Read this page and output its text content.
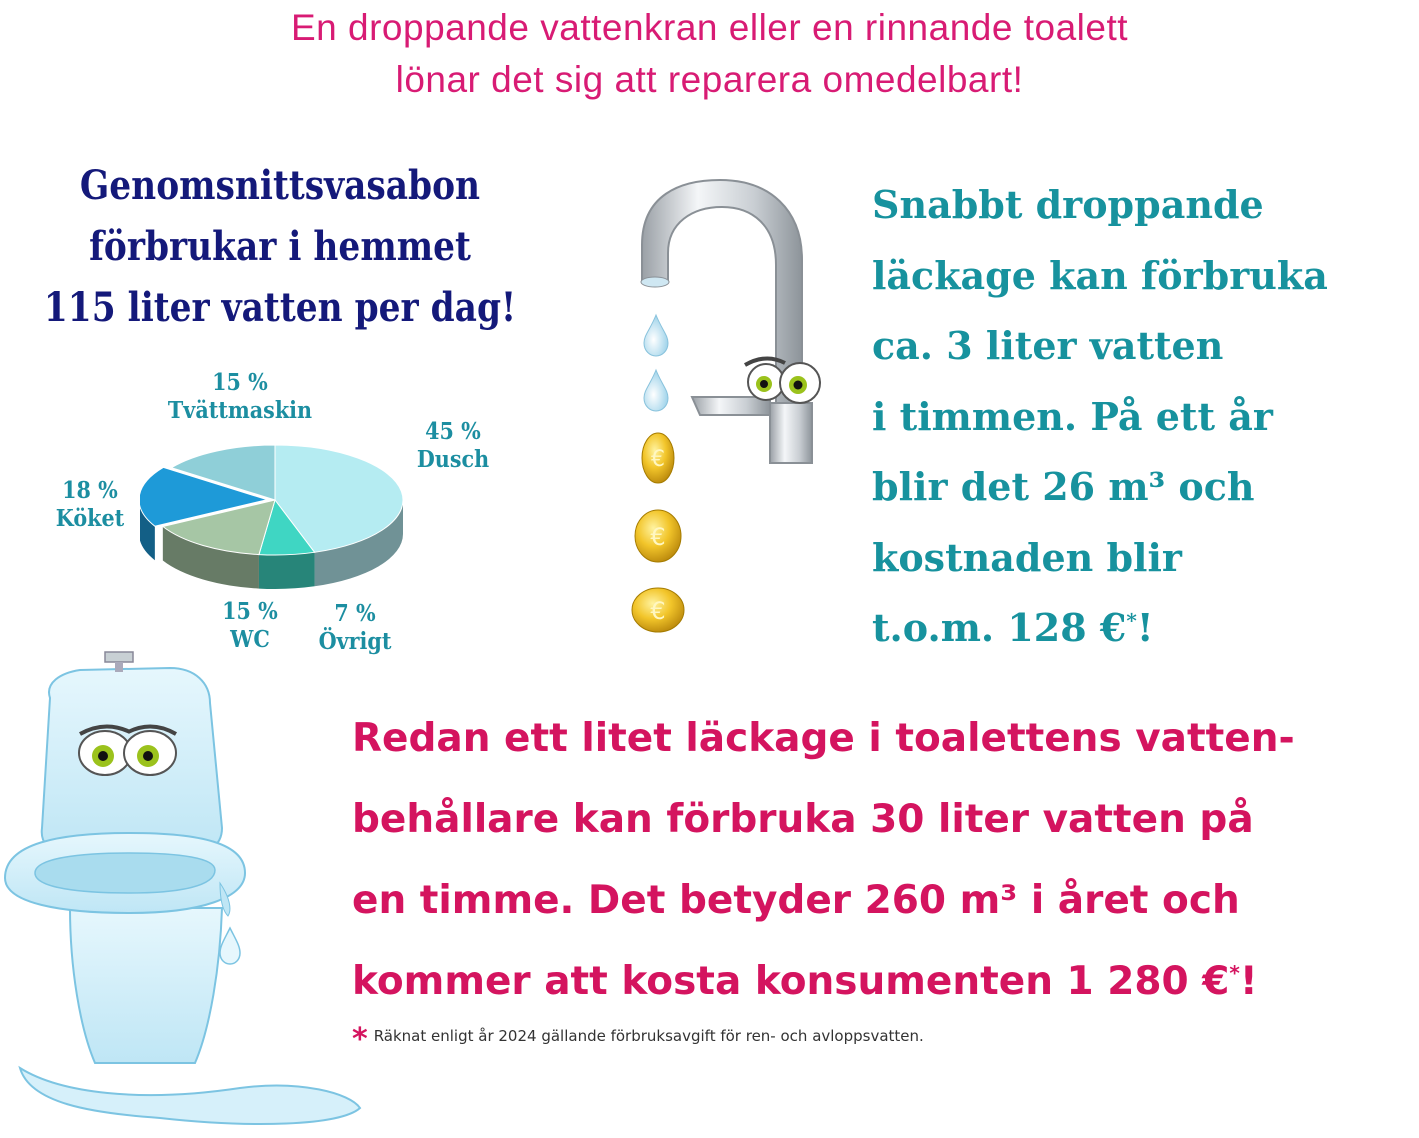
En droppande vattenkran eller en rinnande toalett
lönar det sig att reparera omedelbart!
Genomsnittsvasabon
förbrukar i hemmet
115 liter vatten per dag!
15 %
Tvättmaskin
45 %
Dusch
18 %
Köket
15 %
WC
7 %
Övrigt
€
€
€
Snabbt droppande
läckage kan förbruka
ca. 3 liter vatten
i timmen. På ett år
blir det 26 m³ och
kostnaden blir
t.o.m. 128 €*!
Redan ett litet läckage i toalettens vatten-
behållare kan förbruka 30 liter vatten på
en timme. Det betyder 260 m³ i året och
kommer att kosta konsumenten 1 280 €*!
* Räknat enligt år 2024 gällande förbruksavgift för ren- och avloppsvatten.
